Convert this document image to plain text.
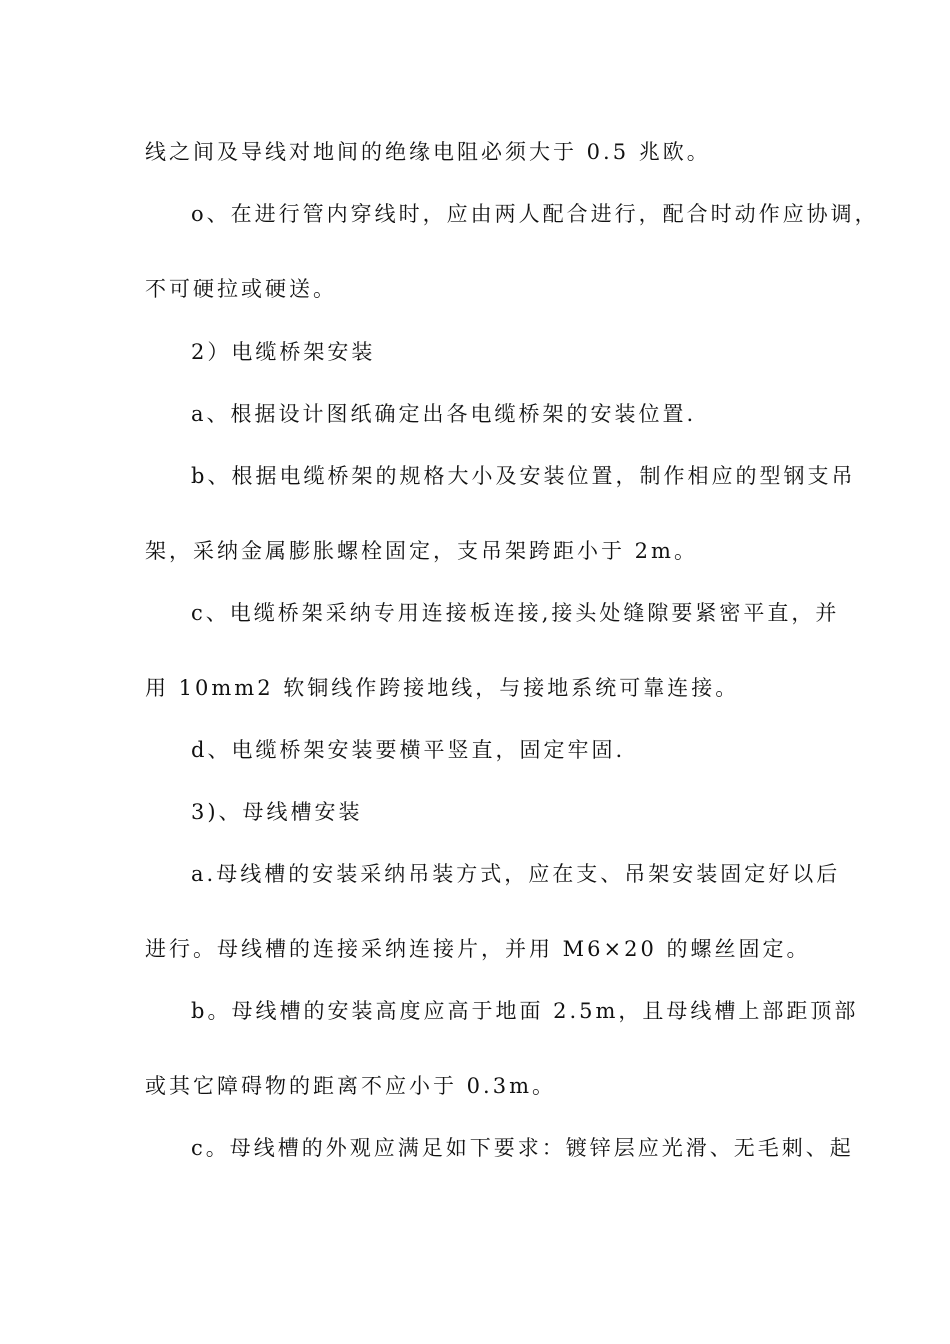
线之间及导线对地间的绝缘电阻必须大于 0.5 兆欧。
o、在进行管内穿线时，应由两人配合进行，配合时动作应协调，
不可硬拉或硬送。
2）电缆桥架安装
a、根据设计图纸确定出各电缆桥架的安装位置.
b、根据电缆桥架的规格大小及安装位置，制作相应的型钢支吊
架，采纳金属膨胀螺栓固定，支吊架跨距小于 2m。
c、电缆桥架采纳专用连接板连接,接头处缝隙要紧密平直，并
用 10mm2 软铜线作跨接地线，与接地系统可靠连接。
d、电缆桥架安装要横平竖直，固定牢固.
3)、母线槽安装
a.母线槽的安装采纳吊装方式，应在支、吊架安装固定好以后
进行。母线槽的连接采纳连接片，并用 M6×20 的螺丝固定。
b。母线槽的安装高度应高于地面 2.5m，且母线槽上部距顶部
或其它障碍物的距离不应小于 0.3m。
c。母线槽的外观应满足如下要求：镀锌层应光滑、无毛刺、起
